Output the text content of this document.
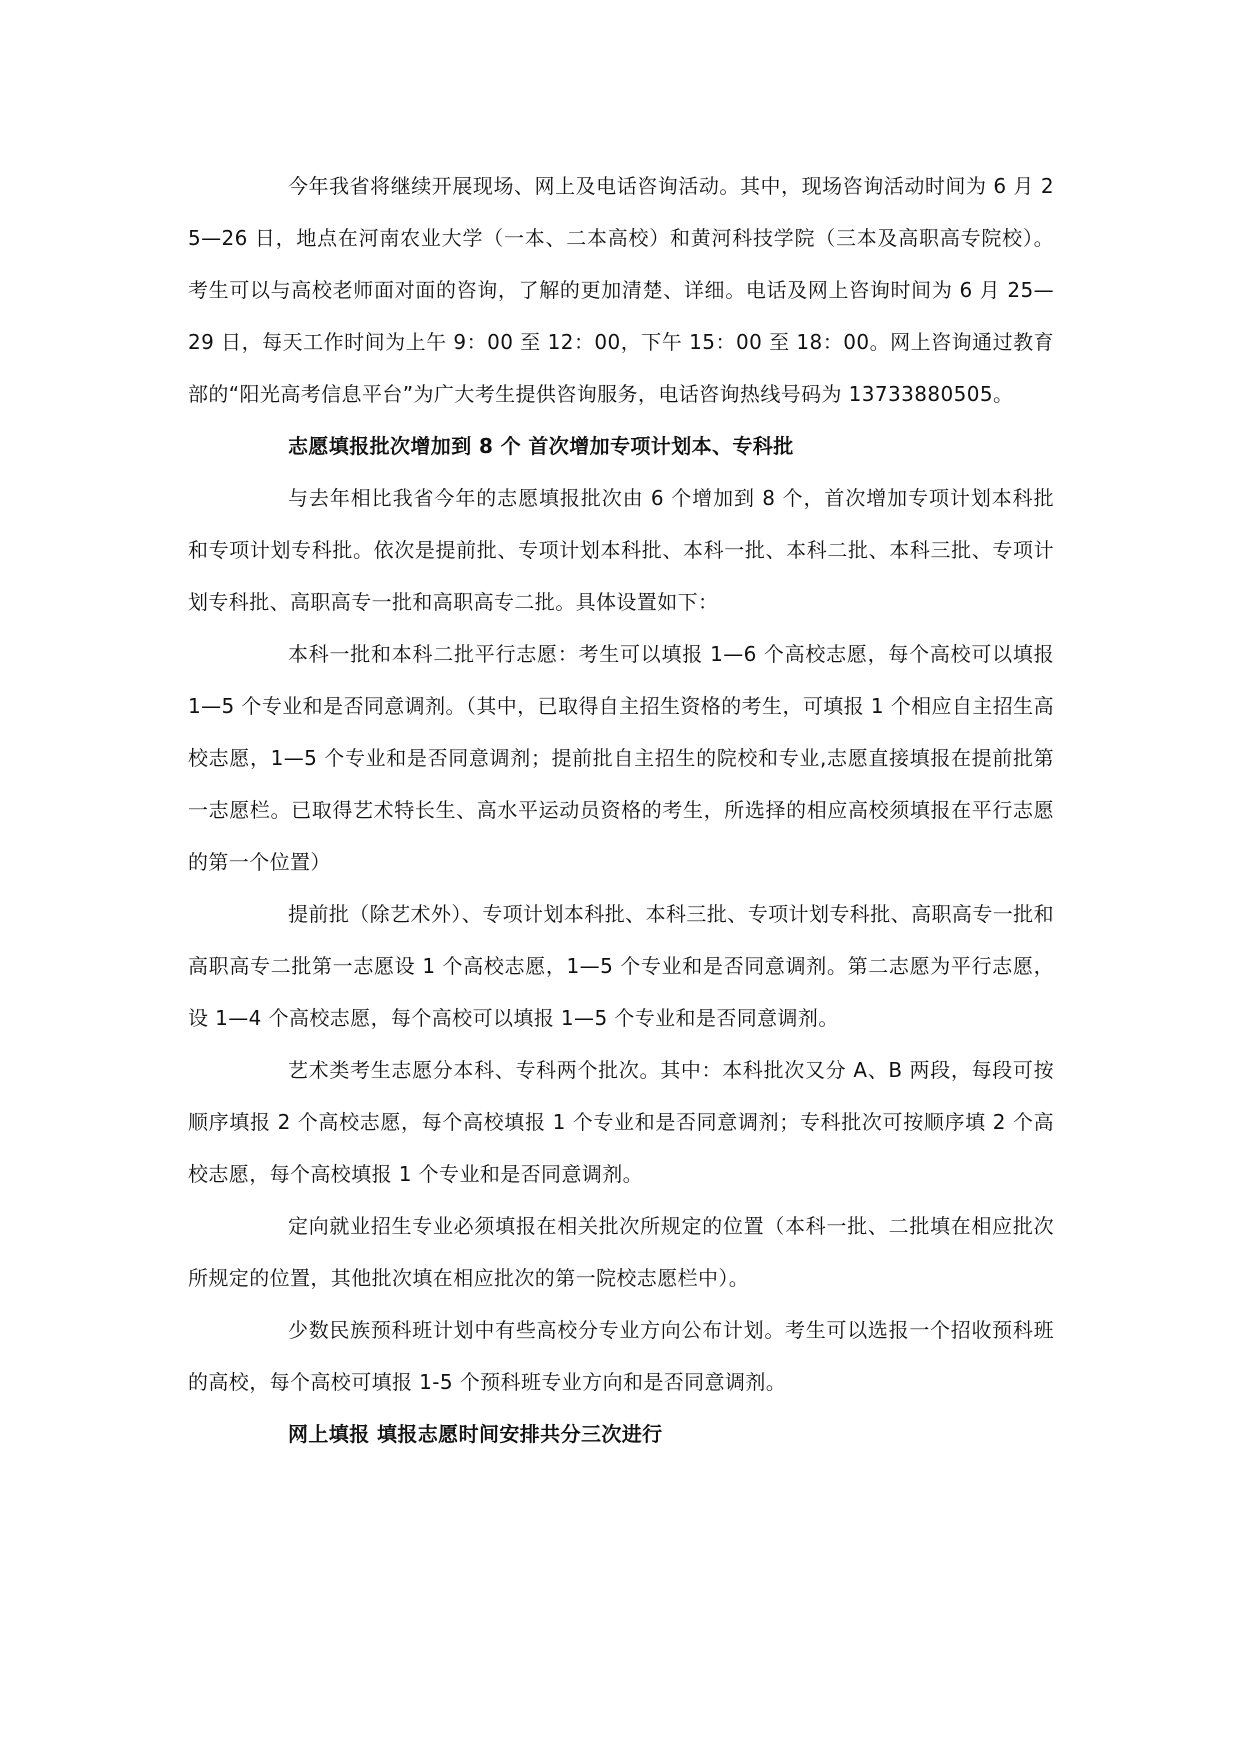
今年我省将继续开展现场、网上及电话咨询活动。其中，现场咨询活动时间为 6 月 25—26 日，地点在河南农业大学（一本、二本高校）和黄河科技学院（三本及高职高专院校）。考生可以与高校老师面对面的咨询，了解的更加清楚、详细。电话及网上咨询时间为 6 月 25—29 日，每天工作时间为上午 9：00 至 12：00，下午 15：00 至 18：00。网上咨询通过教育部的“阳光高考信息平台”为广大考生提供咨询服务，电话咨询热线号码为 13733880505。

志愿填报批次增加到 8 个 首次增加专项计划本、专科批

与去年相比我省今年的志愿填报批次由 6 个增加到 8 个，首次增加专项计划本科批和专项计划专科批。依次是提前批、专项计划本科批、本科一批、本科二批、本科三批、专项计划专科批、高职高专一批和高职高专二批。具体设置如下：

本科一批和本科二批平行志愿：考生可以填报 1—6 个高校志愿，每个高校可以填报 1—5 个专业和是否同意调剂。（其中，已取得自主招生资格的考生，可填报 1 个相应自主招生高校志愿，1—5 个专业和是否同意调剂；提前批自主招生的院校和专业,志愿直接填报在提前批第一志愿栏。已取得艺术特长生、高水平运动员资格的考生，所选择的相应高校须填报在平行志愿的第一个位置）

提前批（除艺术外）、专项计划本科批、本科三批、专项计划专科批、高职高专一批和高职高专二批第一志愿设 1 个高校志愿，1—5 个专业和是否同意调剂。第二志愿为平行志愿，设 1—4 个高校志愿，每个高校可以填报 1—5 个专业和是否同意调剂。

艺术类考生志愿分本科、专科两个批次。其中：本科批次又分 A、B 两段，每段可按顺序填报 2 个高校志愿，每个高校填报 1 个专业和是否同意调剂；专科批次可按顺序填 2 个高校志愿，每个高校填报 1 个专业和是否同意调剂。

定向就业招生专业必须填报在相关批次所规定的位置（本科一批、二批填在相应批次所规定的位置，其他批次填在相应批次的第一院校志愿栏中）。

少数民族预科班计划中有些高校分专业方向公布计划。考生可以选报一个招收预科班的高校，每个高校可填报 1-5 个预科班专业方向和是否同意调剂。

网上填报 填报志愿时间安排共分三次进行
